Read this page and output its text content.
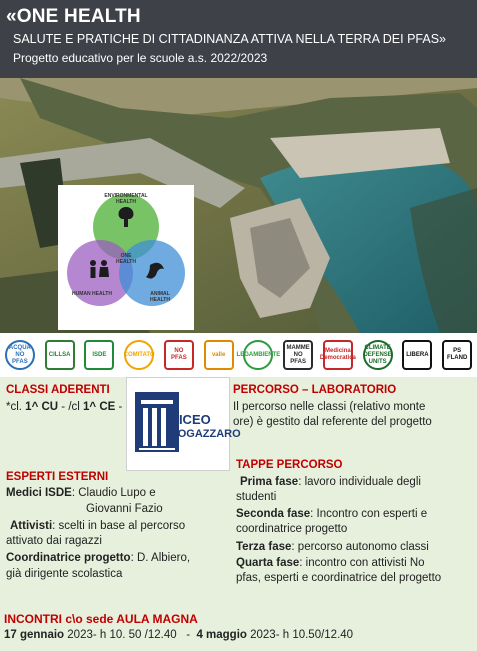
«ONE HEALTH
SALUTE E PRATICHE DI CITTADINANZA ATTIVA NELLA TERRA DEI PFAS»
Progetto educativo per le scuole a.s. 2022/2023
ENVIRONMENTAL HEALTH
HUMAN HEALTH	ANIMAL HEALTH
ONE HEALTH
ACQUA NO PFAS
CILLSA	ISDE	COMITATO
NO PFAS
valle LEGAMBIENTE
MAMME NO PFAS
Medicina Democratica
CLIMATE DEFENSE UNITS
LIBERA
PS FLAND
LICEO
FOGAZZARO
CLASSI ADERENTI
*cl. 1^ CU - /cl 1^ CE -
PERCORSO – LABORATORIO
Il percorso nelle classi (relativo monte
ore) è gestito dal referente del progetto
ESPERTI ESTERNI
Medici ISDE: Claudio Lupo e
Giovanni Fazio
Attivisti: scelti in base al percorso
attivato dai ragazzi
Coordinatrice progetto: D. Albiero,
già dirigente scolastica
TAPPE PERCORSO
Prima fase: lavoro individuale degli
studenti
Seconda fase: Incontro con esperti e
coordinatrice progetto
Terza fase: percorso autonomo classi
Quarta fase: incontro con attivisti No
pfas, esperti e coordinatrice del progetto
INCONTRI c\o sede AULA MAGNA
17 gennaio 2023- h 10. 50 /12.40   -  4 maggio 2023- h 10.50/12.40
